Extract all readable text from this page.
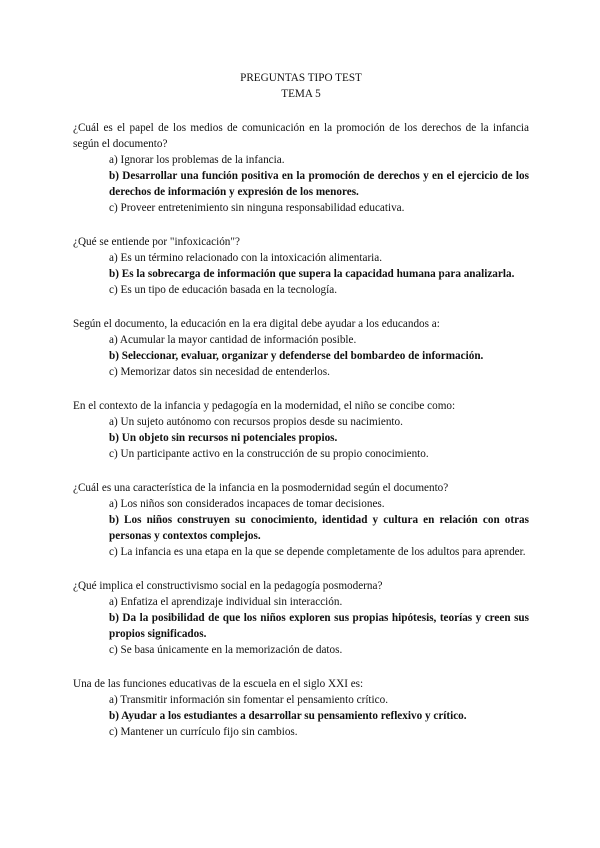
PREGUNTAS TIPO TEST

TEMA 5

¿Cuál es el papel de los medios de comunicación en la promoción de los derechos de la infancia según el documento?

a) Ignorar los problemas de la infancia.

b) Desarrollar una función positiva en la promoción de derechos y en el ejercicio de los derechos de información y expresión de los menores.

c) Proveer entretenimiento sin ninguna responsabilidad educativa.

¿Qué se entiende por "infoxicación"?

a) Es un término relacionado con la intoxicación alimentaria.

b) Es la sobrecarga de información que supera la capacidad humana para analizarla.

c) Es un tipo de educación basada en la tecnología.

Según el documento, la educación en la era digital debe ayudar a los educandos a:

a) Acumular la mayor cantidad de información posible.

b) Seleccionar, evaluar, organizar y defenderse del bombardeo de información.

c) Memorizar datos sin necesidad de entenderlos.

En el contexto de la infancia y pedagogía en la modernidad, el niño se concibe como:

a) Un sujeto autónomo con recursos propios desde su nacimiento.

b) Un objeto sin recursos ni potenciales propios.

c) Un participante activo en la construcción de su propio conocimiento.

¿Cuál es una característica de la infancia en la posmodernidad según el documento?

a) Los niños son considerados incapaces de tomar decisiones.

b) Los niños construyen su conocimiento, identidad y cultura en relación con otras personas y contextos complejos.

c) La infancia es una etapa en la que se depende completamente de los adultos para aprender.

¿Qué implica el constructivismo social en la pedagogía posmoderna?

a) Enfatiza el aprendizaje individual sin interacción.

b) Da la posibilidad de que los niños exploren sus propias hipótesis, teorías y creen sus propios significados.

c) Se basa únicamente en la memorización de datos.

Una de las funciones educativas de la escuela en el siglo XXI es:

a) Transmitir información sin fomentar el pensamiento crítico.

b) Ayudar a los estudiantes a desarrollar su pensamiento reflexivo y crítico.

c) Mantener un currículo fijo sin cambios.
